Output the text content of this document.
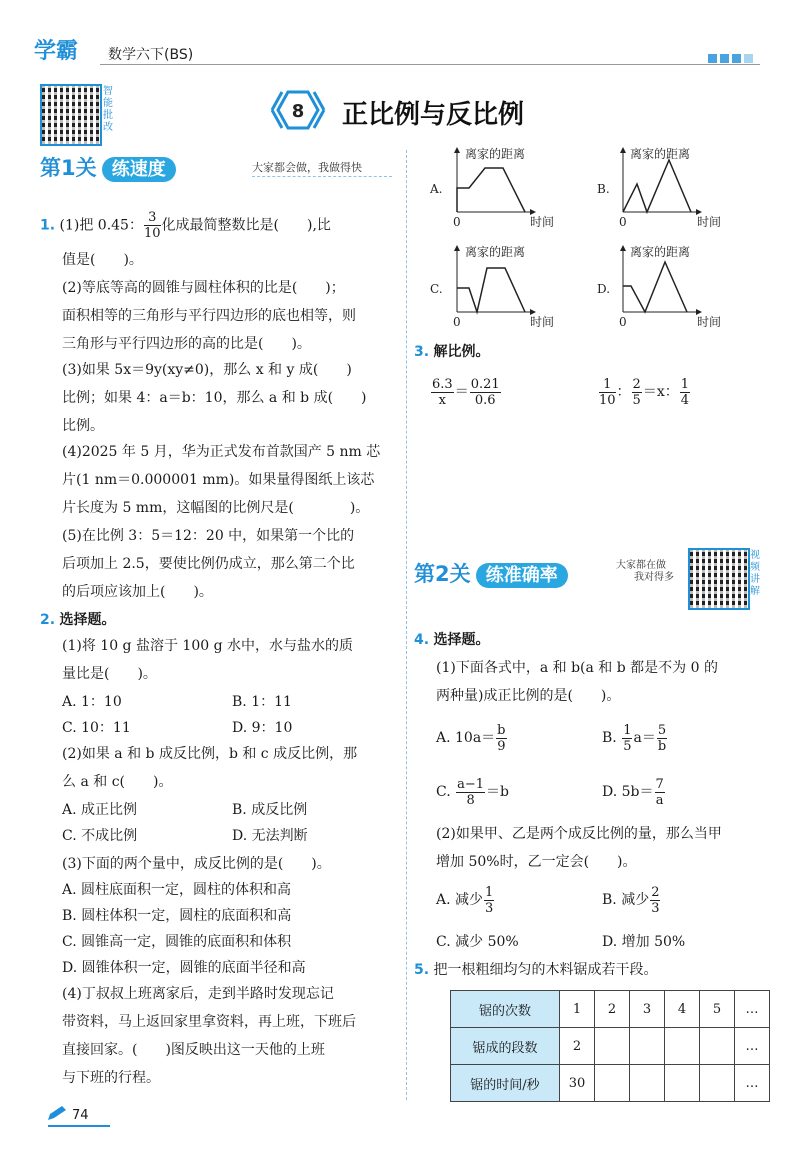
学霸 数学六下(BS)
智能批改
8 正比例与反比例
第1关 练速度	大家都会做，我做得快
1. (1)把 0.45： $\frac{3}{10}$ 化成最简整数比是(　　),比
值是(　　)。
(2)等底等高的圆锥与圆柱体积的比是(　　)；
面积相等的三角形与平行四边形的底也相等，则
三角形与平行四边形的高的比是(　　)。
(3)如果 5x＝9y(xy≠0)，那么 x 和 y 成(　　)
比例；如果 4：a＝b：10，那么 a 和 b 成(　　)
比例。
(4)2025 年 5 月，华为正式发布首款国产 5 nm 芯
片(1 nm＝0.000001 mm)。如果量得图纸上该芯
片长度为 5 mm，这幅图的比例尺是(　　　　)。
(5)在比例 3：5＝12：20 中，如果第一个比的
后项加上 2.5，要使比例仍成立，那么第二个比
的后项应该加上(　　)。
2. 选择题。
(1)将 10 g 盐溶于 100 g 水中，水与盐水的质
量比是(　　)。
A. 1：10	B. 1：11
C. 10：11	D. 9：10
(2)如果 a 和 b 成反比例，b 和 c 成反比例，那
么 a 和 c(　　)。
A. 成正比例	B. 成反比例
C. 不成比例	D. 无法判断
(3)下面的两个量中，成反比例的是(　　)。
A. 圆柱底面积一定，圆柱的体积和高
B. 圆柱体积一定，圆柱的底面积和高
C. 圆锥高一定，圆锥的底面积和体积
D. 圆锥体积一定，圆锥的底面半径和高
(4)丁叔叔上班离家后，走到半路时发现忘记
带资料，马上返回家里拿资料，再上班，下班后
直接回家。(　　)图反映出这一天他的上班
与下班的行程。
A.
离家的距离
0	时间
B.
离家的距离
0	时间
C.
离家的距离
0	时间
D.
离家的距离
0	时间
3. 解比例。
$\frac{6.3}{x} = \frac{0.21}{0.6}$	$\frac{1}{10}$ ： $\frac{2}{5} =x$： $\frac{1}{4}$
第2关 练准确率	大家都在做
我对得多
视频讲解
4. 选择题。
(1)下面各式中，a 和 b(a 和 b 都是不为 0 的
两种量)成正比例的是(　　)。
A. $10a= \frac{b}{9}$	B. $\frac{1}{5} a= \frac{5}{b}$
C. $\frac{a-1}{8} =b$	D. $5b= \frac{7}{a}$
(2)如果甲、乙是两个成反比例的量，那么当甲
增加 50%时，乙一定会(　　)。
A. 减少 $\frac{1}{3}$	B. 减少 $\frac{2}{3}$
C. 减少 50%	D. 增加 50%
5. 把一根粗细均匀的木料锯成若干段。
锯的次数	1	2	3	4	5	…
锯成的段数	2					…
锯的时间/秒	30					…
74
